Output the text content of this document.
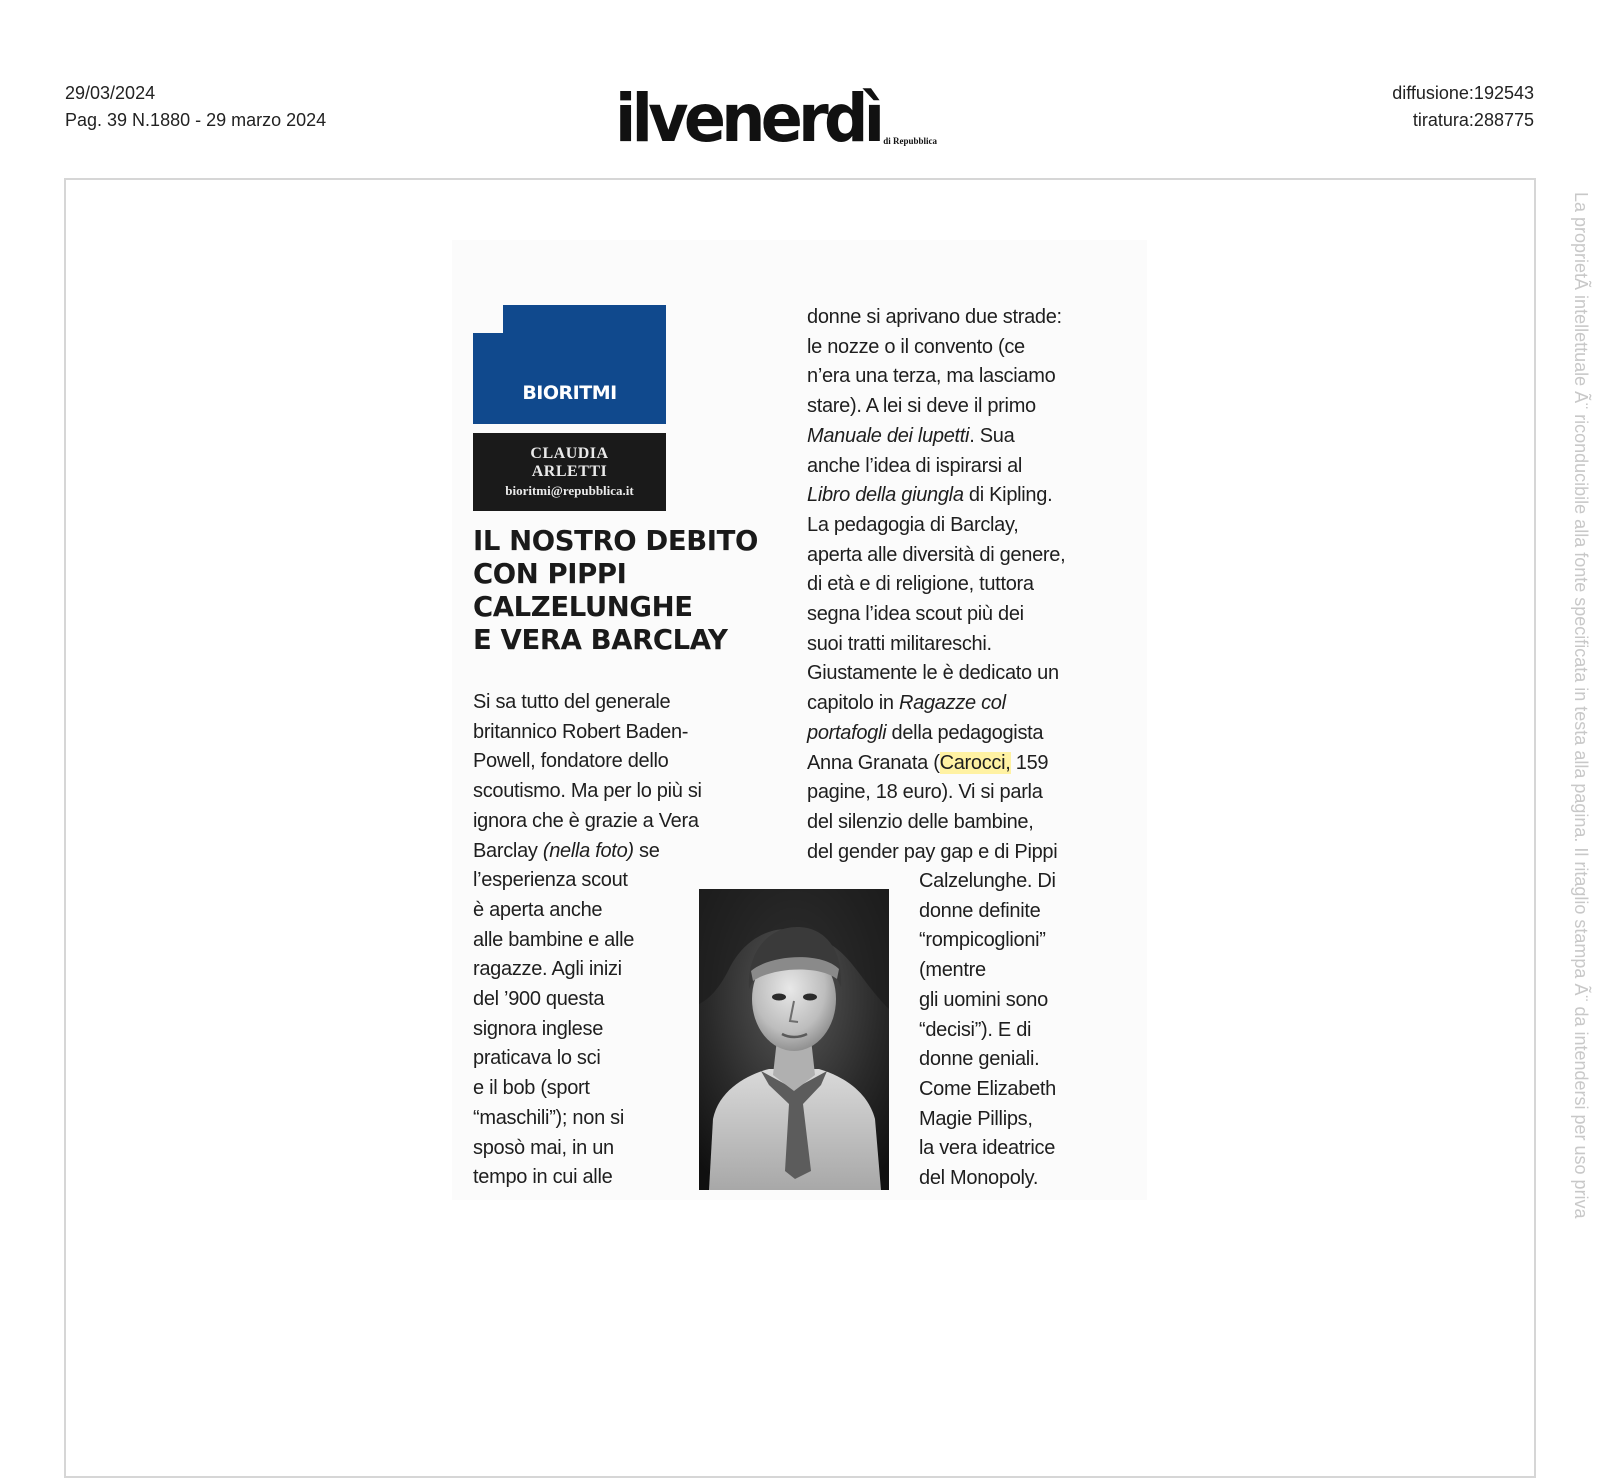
29/03/2024
Pag. 39 N.1880 - 29 marzo 2024	ilvenerdì di Repubblica
diffusione:192543
tiratura:288775
La proprietÃ intellettuale Ã¨ riconducibile alla fonte specificata in testa alla pagina. Il ritaglio stampa Ã¨ da intendersi per uso priva
BIORITMI
CLAUDIA
ARLETTI
bioritmi@repubblica.it
IL NOSTRO DEBITO
CON PIPPI
CALZELUNGHE
E VERA BARCLAY
Si sa tutto del generale
britannico Robert Baden-
Powell, fondatore dello
scoutismo. Ma per lo più si
ignora che è grazie a Vera
Barclay (nella foto) se
l’esperienza scout
è aperta anche
alle bambine e alle
ragazze. Agli inizi
del ’900 questa
signora inglese
praticava lo sci
e il bob (sport
“maschili”); non si
sposò mai, in un
tempo in cui alle
donne si aprivano due strade:
le nozze o il convento (ce
n’era una terza, ma lasciamo
stare). A lei si deve il primo
Manuale dei lupetti. Sua
anche l’idea di ispirarsi al
Libro della giungla di Kipling.
La pedagogia di Barclay,
aperta alle diversità di genere,
di età e di religione, tuttora
segna l’idea scout più dei
suoi tratti militareschi.
Giustamente le è dedicato un
capitolo in Ragazze col
portafogli della pedagogista
Anna Granata (Carocci, 159
pagine, 18 euro). Vi si parla
del silenzio delle bambine,
del gender pay gap e di Pippi
Calzelunghe. Di
donne definite
“rompicoglioni”
(mentre
gli uomini sono
“decisi”). E di
donne geniali.
Come Elizabeth
Magie Pillips,
la vera ideatrice
del Monopoly.
